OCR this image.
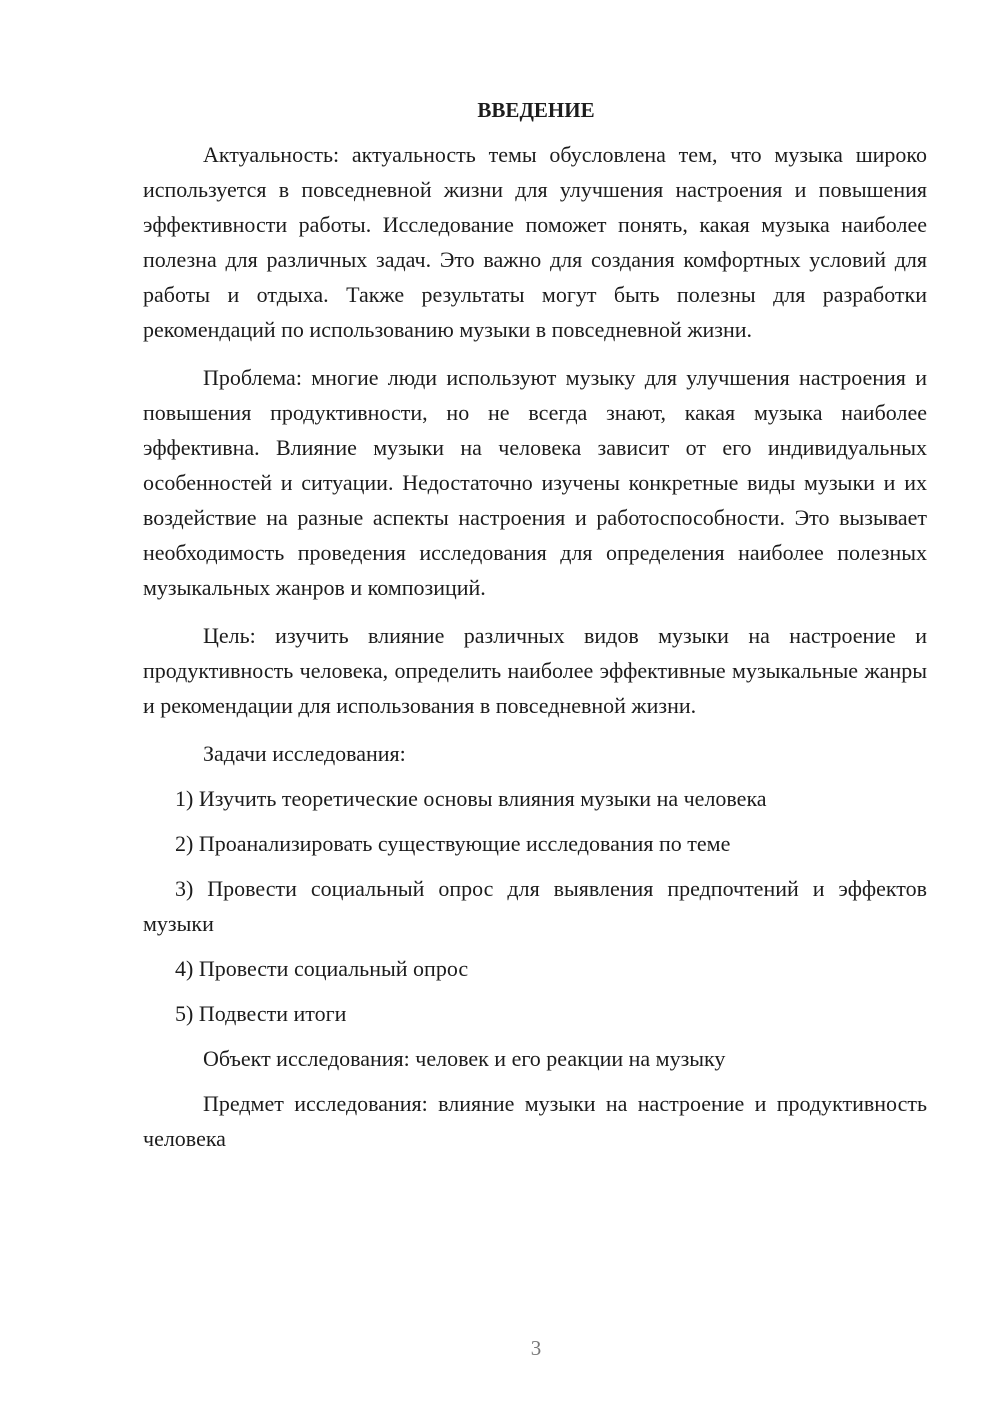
ВВЕДЕНИЕ

Актуальность: актуальность темы обусловлена тем, что музыка широко используется в повседневной жизни для улучшения настроения и повышения эффективности работы. Исследование поможет понять, какая музыка наиболее полезна для различных задач. Это важно для создания комфортных условий для работы и отдыха. Также результаты могут быть полезны для разработки рекомендаций по использованию музыки в повседневной жизни.

Проблема: многие люди используют музыку для улучшения настроения и повышения продуктивности, но не всегда знают, какая музыка наиболее эффективна. Влияние музыки на человека зависит от его индивидуальных особенностей и ситуации. Недостаточно изучены конкретные виды музыки и их воздействие на разные аспекты настроения и работоспособности. Это вызывает необходимость проведения исследования для определения наиболее полезных музыкальных жанров и композиций.

Цель: изучить влияние различных видов музыки на настроение и продуктивность человека, определить наиболее эффективные музыкальные жанры и рекомендации для использования в повседневной жизни.

Задачи исследования:

1) Изучить теоретические основы влияния музыки на человека

2) Проанализировать существующие исследования по теме

3) Провести социальный опрос для выявления предпочтений и эффектов музыки

4) Провести социальный опрос

5) Подвести итоги

Объект исследования: человек и его реакции на музыку

Предмет исследования: влияние музыки на настроение и продуктивность человека

3
